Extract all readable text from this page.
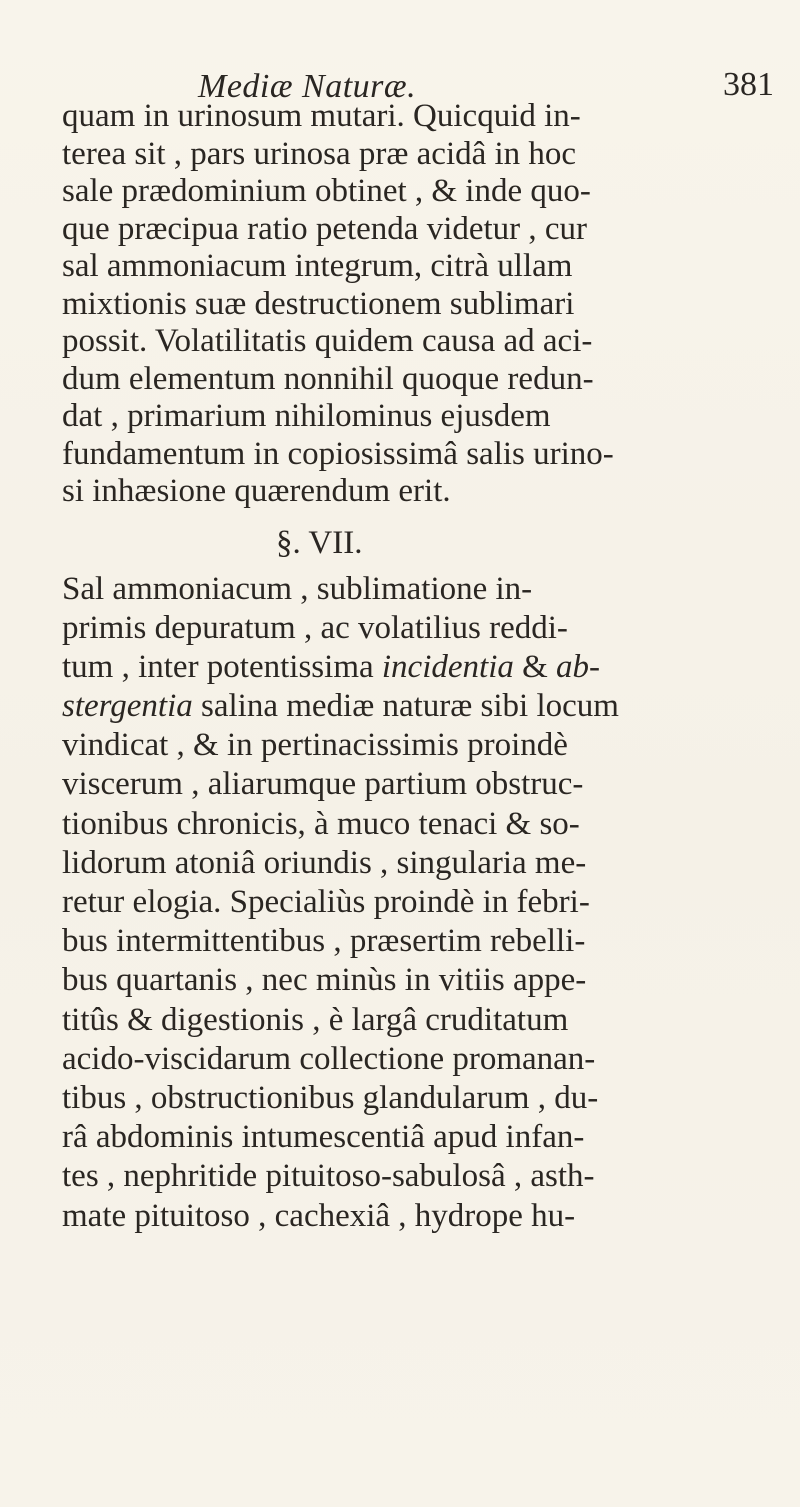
Mediæ Naturæ.	381
quam in urinosum mutari. Quicquid in-
terea sit , pars urinosa præ acidâ in hoc
sale prædominium obtinet , & inde quo-
que præcipua ratio petenda videtur , cur
sal ammoniacum integrum, citrà ullam
mixtionis suæ destructionem sublimari
possit. Volatilitatis quidem causa ad aci-
dum elementum nonnihil quoque redun-
dat , primarium nihilominus ejusdem
fundamentum in copiosissimâ salis urino-
si inhæsione quærendum erit.
§. VII.
Sal ammoniacum , sublimatione in-
primis depuratum , ac volatilius reddi-
tum , inter potentissima incidentia & ab-
stergentia salina mediæ naturæ sibi locum
vindicat , & in pertinacissimis proindè
viscerum , aliarumque partium obstruc-
tionibus chronicis, à muco tenaci & so-
lidorum atoniâ oriundis , singularia me-
retur elogia. Specialiùs proindè in febri-
bus intermittentibus , præsertim rebelli-
bus quartanis , nec minùs in vitiis appe-
titûs & digestionis , è largâ cruditatum
acido-viscidarum collectione promanan-
tibus , obstructionibus glandularum , du-
râ abdominis intumescentiâ apud infan-
tes , nephritide pituitoso-sabulosâ , asth-
mate pituitoso , cachexiâ , hydrope hu-
